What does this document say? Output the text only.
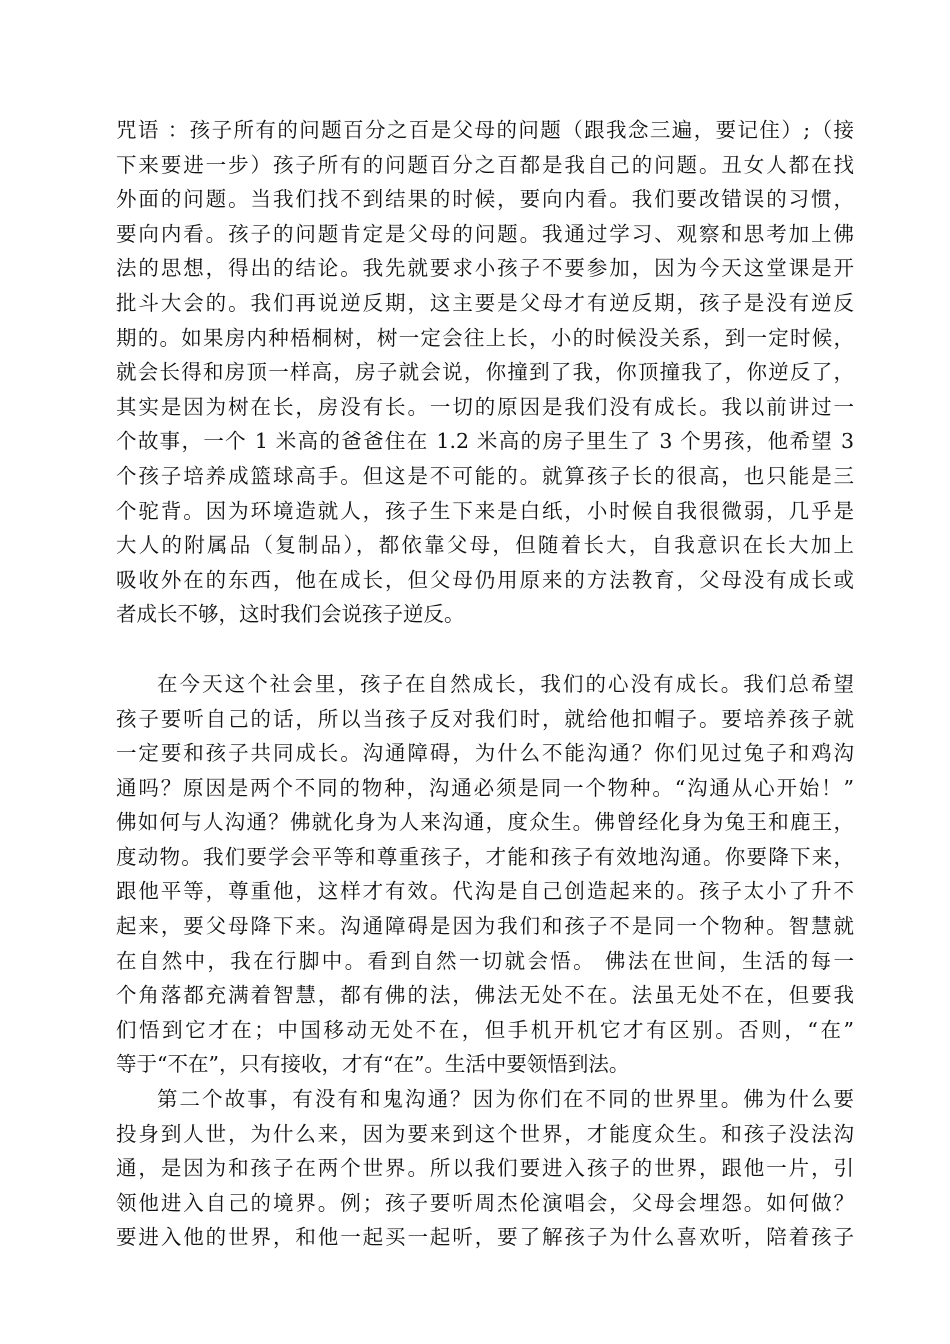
咒语 ：孩子所有的问题百分之百是父母的问题（跟我念三遍，要记住）;（接
下来要进一步）孩子所有的问题百分之百都是我自己的问题。丑女人都在找
外面的问题。当我们找不到结果的时候，要向内看。我们要改错误的习惯，
要向内看。孩子的问题肯定是父母的问题。我通过学习、观察和思考加上佛
法的思想，得出的结论。我先就要求小孩子不要参加，因为今天这堂课是开
批斗大会的。我们再说逆反期，这主要是父母才有逆反期，孩子是没有逆反
期的。如果房内种梧桐树，树一定会往上长，小的时候没关系，到一定时候，
就会长得和房顶一样高，房子就会说，你撞到了我，你顶撞我了，你逆反了，
其实是因为树在长，房没有长。一切的原因是我们没有成长。我以前讲过一
个故事，一个 1 米高的爸爸住在 1.2 米高的房子里生了 3 个男孩，他希望 3
个孩子培养成篮球高手。但这是不可能的。就算孩子长的很高，也只能是三
个驼背。因为环境造就人，孩子生下来是白纸，小时候自我很微弱，几乎是
大人的附属品（复制品），都依靠父母，但随着长大，自我意识在长大加上
吸收外在的东西，他在成长，但父母仍用原来的方法教育，父母没有成长或
者成长不够，这时我们会说孩子逆反。
在今天这个社会里，孩子在自然成长，我们的心没有成长。我们总希望
孩子要听自己的话，所以当孩子反对我们时，就给他扣帽子。要培养孩子就
一定要和孩子共同成长。沟通障碍，为什么不能沟通？你们见过兔子和鸡沟
通吗？原因是两个不同的物种，沟通必须是同一个物种。“沟通从心开始！”
佛如何与人沟通？佛就化身为人来沟通，度众生。佛曾经化身为兔王和鹿王，
度动物。我们要学会平等和尊重孩子，才能和孩子有效地沟通。你要降下来，
跟他平等，尊重他，这样才有效。代沟是自己创造起来的。孩子太小了升不
起来，要父母降下来。沟通障碍是因为我们和孩子不是同一个物种。智慧就
在自然中，我在行脚中。看到自然一切就会悟。 佛法在世间，生活的每一
个角落都充满着智慧，都有佛的法，佛法无处不在。法虽无处不在，但要我
们悟到它才在；中国移动无处不在，但手机开机它才有区别。否则，“在”
等于“不在”，只有接收，才有“在”。生活中要领悟到法。
第二个故事，有没有和鬼沟通？因为你们在不同的世界里。佛为什么要
投身到人世，为什么来，因为要来到这个世界，才能度众生。和孩子没法沟
通，是因为和孩子在两个世界。所以我们要进入孩子的世界，跟他一片，引
领他进入自己的境界。例；孩子要听周杰伦演唱会，父母会埋怨。如何做？
要进入他的世界，和他一起买一起听，要了解孩子为什么喜欢听，陪着孩子
